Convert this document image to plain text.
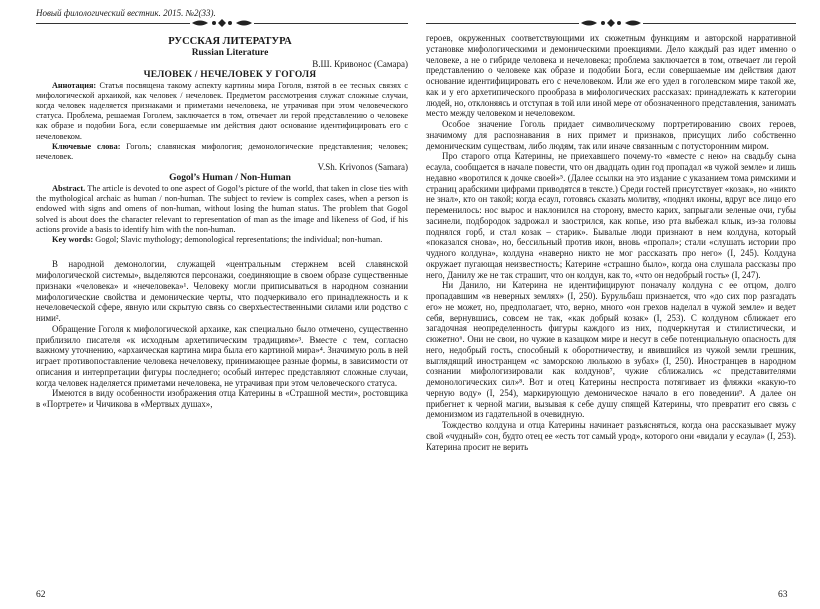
Новый филологический вестник. 2015. №2(33).

РУССКАЯ ЛИТЕРАТУРА

Russian Literature

В.Ш. Кривонос (Самара)

ЧЕЛОВЕК / НЕЧЕЛОВЕК У ГОГОЛЯ

Аннотация: Статья посвящена такому аспекту картины мира Гоголя, взятой в ее тесных связях с мифологической архаикой, как человек / нечеловек. Предметом рассмотрения служат сложные случаи, когда человек наделяется признаками и приметами нечеловека, не утрачивая при этом человеческого статуса. Проблема, решаемая Гоголем, заключается в том, отвечает ли герой представлению о человеке как образе и подобии Бога, если совершаемые им действия дают основание идентифицировать его с нечеловеком.

Ключевые слова: Гоголь; славянская мифология; демонологические представления; человек; нечеловек.

V.Sh. Krivonos (Samara)

Gogol’s Human / Non-Human

Abstract. The article is devoted to one aspect of Gogol’s picture of the world, that taken in close ties with the mythological archaic as human / non-human. The subject to review is complex cases, when a person is endowed with signs and omens of non-human, without losing the human status. The problem that Gogol solved is about does the character relevant to representation of man as the image and likeness of God, if his actions provide a basis to identify him with the non-human.

Key words: Gogol; Slavic mythology; demonological representations; the individual; non-human.

В народной демонологии, служащей «центральным стержнем всей славянской мифологической системы», выделяются персонажи, соединяющие в своем образе существенные признаки «человека» и «нечеловека»¹. Человеку могли приписываться в народном сознании мифологические свойства и демонические черты, что подчеркивало его принадлежность и к нечеловеческой сфере, явную или скрытую связь со сверхъестественными силами или родство с ними².

Обращение Гоголя к мифологической архаике, как специально было отмечено, существенно приблизило писателя «к исходным архетипическим традициям»³. Вместе с тем, согласно важному уточнению, «архаическая картина мира была его картиной мира»⁴. Значимую роль в ней играет противопоставление человека нечеловеку, принимающее разные формы, в зависимости от описания и интерпретации фигуры последнего; особый интерес представляют сложные случаи, когда человек наделяется приметами нечеловека, не утрачивая при этом человеческого статуса.

Имеются в виду особенности изображения отца Катерины в «Страшной мести», ростовщика в «Портрете» и Чичикова в «Мертвых душах»,

героев, окруженных соответствующими их сюжетным функциям и авторской нарративной установке мифологическими и демоническими проекциями. Дело каждый раз идет именно о человеке, а не о гибриде человека и нечеловека; проблема заключается в том, отвечает ли герой представлению о человеке как образе и подобии Бога, если совершаемые им действия дают основание идентифицировать его с нечеловеком. Или же его удел в гоголевском мире такой же, как и у его архетипического прообраза в мифологических рассказах: принадлежать к категории людей, но, отклоняясь и отступая в той или иной мере от обозначенного представления, занимать место между человеком и нечеловеком.

Особое значение Гоголь придает символическому портретированию своих героев, значимому для распознавания в них примет и признаков, присущих либо собственно демоническим существам, либо людям, так или иначе связанным с потусторонним миром.

Про старого отца Катерины, не приехавшего почему-то «вместе с нею» на свадьбу сына есаула, сообщается в начале повести, что он двадцать один год пропадал «в чужой земле» и лишь недавно «воротился к дочке своей»⁵. (Далее ссылки на это издание с указанием тома римскими и страниц арабскими цифрами приводятся в тексте.) Среди гостей присутствует «козак», но «никто не знал», кто он такой; когда есаул, готовясь сказать молитву, «поднял иконы, вдруг все лицо его переменилось: нос вырос и наклонился на сторону, вместо карих, запрыгали зеленые очи, губы засинели, подбородок задрожал и заострился, как копье, изо рта выбежал клык, из-за головы поднялся горб, и стал козак – старик». Бывалые люди признают в нем колдуна, который «показался снова», но, бессильный против икон, вновь «пропал»; стали «слушать истории про чудного колдуна», колдуна «наверно никто не мог рассказать про него» (I, 245). Колдуна окружает пугающая неизвестность; Катерине «страшно было», когда она слушала рассказы про него, Данилу же не так страшит, что он колдун, как то, «что он недобрый гость» (I, 247).

Ни Данило, ни Катерина не идентифицируют поначалу колдуна с ее отцом, долго пропадавшим «в неверных землях» (I, 250). Бурульбаш признается, что «до сих пор разгадать его» не может, но, предполагает, что, верно, много «он грехов наделал в чужой земле» и ведет себя, вернувшись, совсем не так, «как добрый козак» (I, 253). С колдуном сближает его загадочная неопределенность фигуры каждого из них, подчеркнутая и стилистически, и сюжетно⁶. Они не свои, но чужие в казацком мире и несут в себе потенциальную опасность для него, недобрый гость, способный к оборотничеству, и явившийся из чужой земли грешник, выглядящий иностранцем «с заморскою люлькою в зубах» (I, 250). Иностранцев в народном сознании мифологизировали как колдунов⁷, чужие сближались «с представителями демонологических сил»⁸. Вот и отец Катерины неспроста потягивает из фляжки «какую-то черную воду» (I, 254), маркирующую демоническое начало в его поведении⁹. А далее он прибегнет к черной магии, вызывая к себе душу спящей Катерины, что превратит его связь с демонизмом из гадательной в очевидную.

Тождество колдуна и отца Катерины начинает разъясняться, когда она рассказывает мужу свой «чудный» сон, будто отец ее «есть тот самый урод», которого они «видали у есаула» (I, 253). Катерина просит не верить

62	63
